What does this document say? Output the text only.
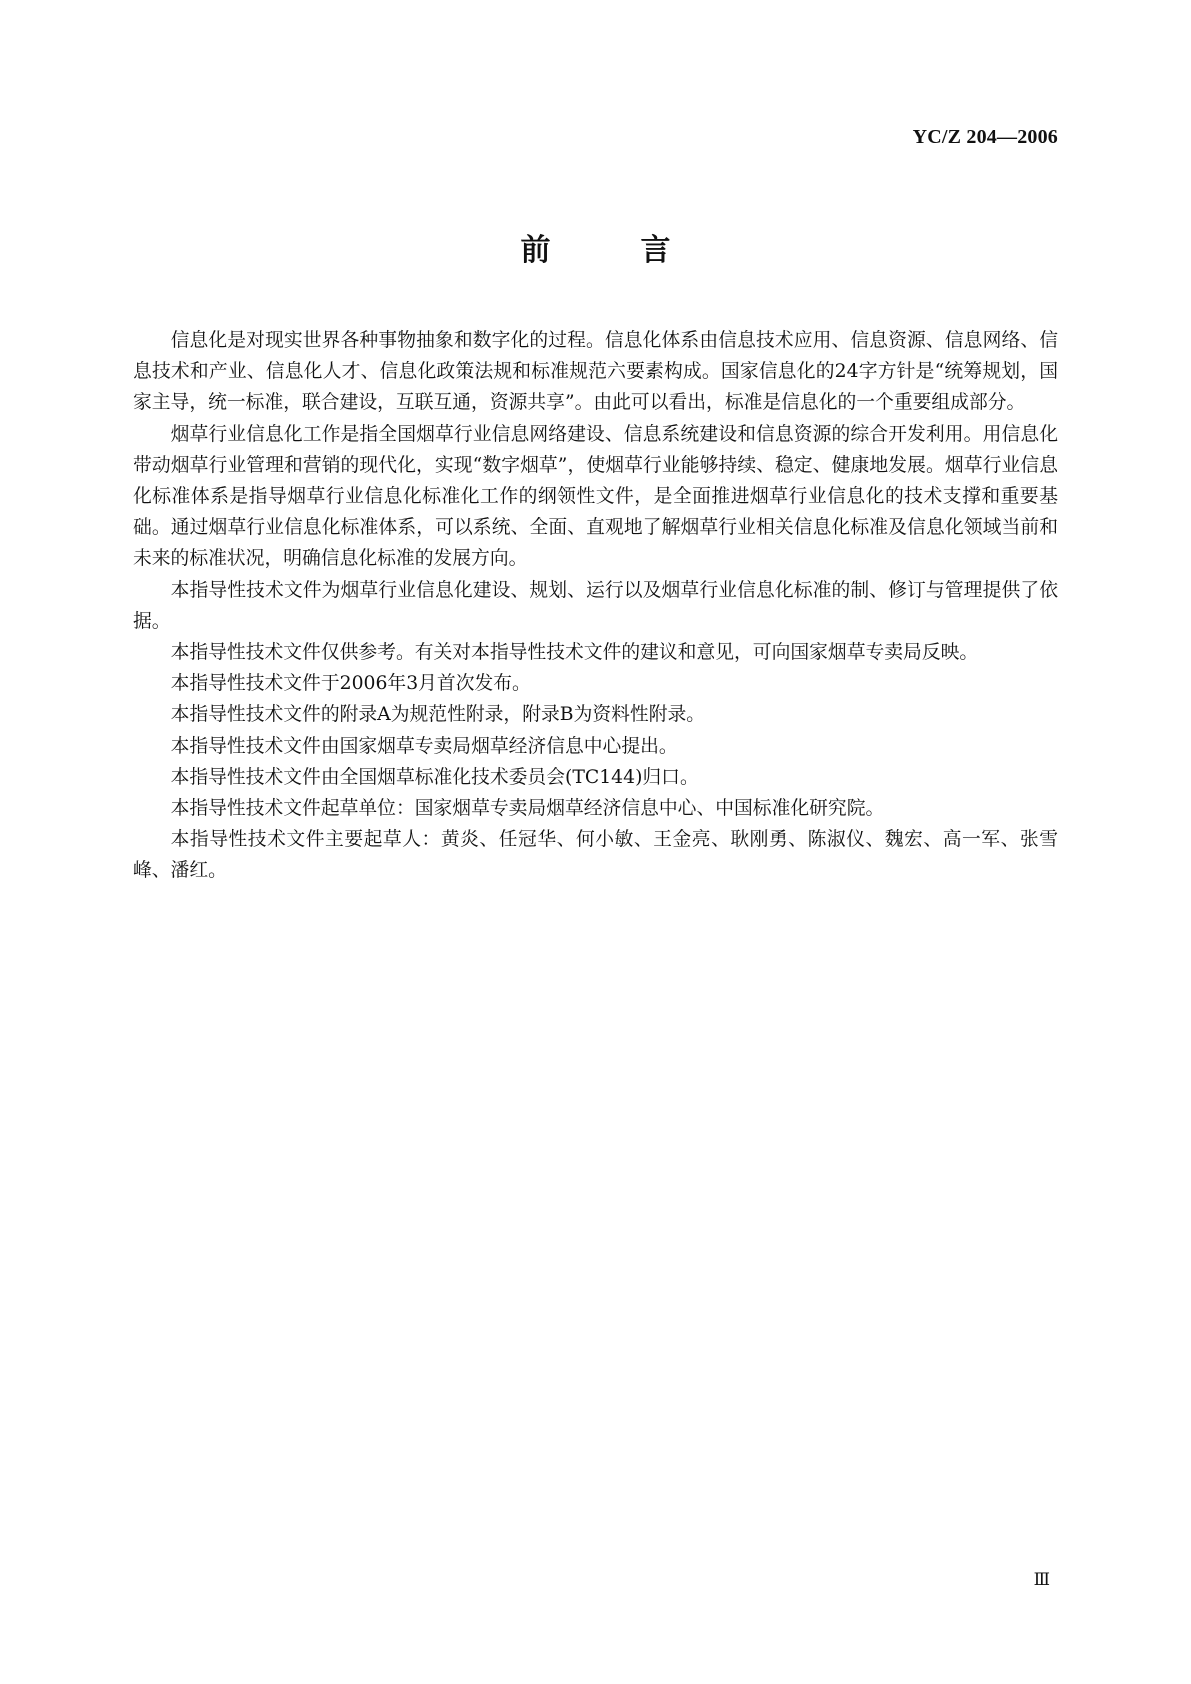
YC/Z 204—2006
前　言

信息化是对现实世界各种事物抽象和数字化的过程。信息化体系由信息技术应用、信息资源、信息网络、信息技术和产业、信息化人才、信息化政策法规和标准规范六要素构成。国家信息化的24字方针是“统筹规划，国家主导，统一标准，联合建设，互联互通，资源共享”。由此可以看出，标准是信息化的一个重要组成部分。

烟草行业信息化工作是指全国烟草行业信息网络建设、信息系统建设和信息资源的综合开发利用。用信息化带动烟草行业管理和营销的现代化，实现“数字烟草”，使烟草行业能够持续、稳定、健康地发展。烟草行业信息化标准体系是指导烟草行业信息化标准化工作的纲领性文件，是全面推进烟草行业信息化的技术支撑和重要基础。通过烟草行业信息化标准体系，可以系统、全面、直观地了解烟草行业相关信息化标准及信息化领域当前和未来的标准状况，明确信息化标准的发展方向。

本指导性技术文件为烟草行业信息化建设、规划、运行以及烟草行业信息化标准的制、修订与管理提供了依据。

本指导性技术文件仅供参考。有关对本指导性技术文件的建议和意见，可向国家烟草专卖局反映。

本指导性技术文件于2006年3月首次发布。

本指导性技术文件的附录A为规范性附录，附录B为资料性附录。

本指导性技术文件由国家烟草专卖局烟草经济信息中心提出。

本指导性技术文件由全国烟草标准化技术委员会(TC144)归口。

本指导性技术文件起草单位：国家烟草专卖局烟草经济信息中心、中国标准化研究院。

本指导性技术文件主要起草人：黄炎、任冠华、何小敏、王金亮、耿刚勇、陈淑仪、魏宏、高一军、张雪峰、潘红。

Ⅲ
